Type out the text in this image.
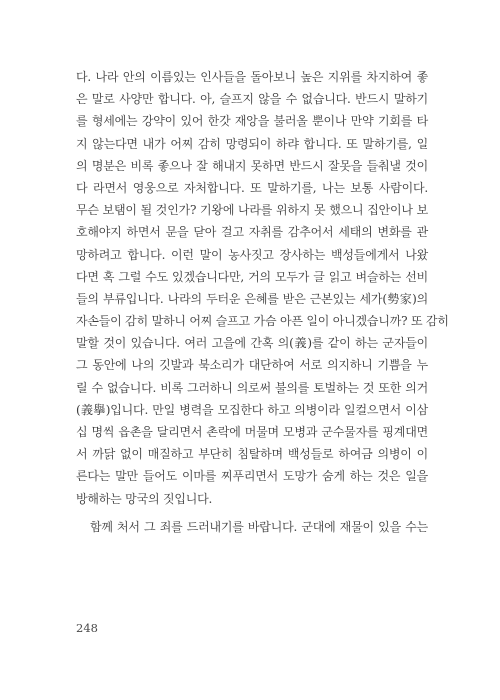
다. 나라 안의 이름있는 인사들을 돌아보니 높은 지위를 차지하여 좋
은 말로 사양만 합니다. 아, 슬프지 않을 수 없습니다. 반드시 말하기
를 형세에는 강약이 있어 한갓 재앙을 불러올 뿐이나 만약 기회를 타
지 않는다면 내가 어찌 감히 망령되이 하랴 합니다. 또 말하기를, 일
의 명분은 비록 좋으나 잘 해내지 못하면 반드시 잘못을 들춰낼 것이
다 라면서 영웅으로 자처합니다. 또 말하기를, 나는 보통 사람이다.
무슨 보탬이 될 것인가? 기왕에 나라를 위하지 못 했으니 집안이나 보
호해야지 하면서 문을 닫아 걸고 자취를 감추어서 세태의 변화를 관
망하려고 합니다. 이런 말이 농사짓고 장사하는 백성들에게서 나왔
다면 혹 그럴 수도 있겠습니다만, 거의 모두가 글 읽고 벼슬하는 선비
들의 부류입니다. 나라의 두터운 은혜를 받은 근본있는 세가(勢家)의
자손들이 감히 말하니 어찌 슬프고 가슴 아픈 일이 아니겠습니까? 또 감히
말할 것이 있습니다. 여러 고을에 간혹 의(義)를 같이 하는 군자들이
그 동안에 나의 깃발과 북소리가 대단하여 서로 의지하니 기쁨을 누
릴 수 없습니다. 비록 그러하니 의로써 불의를 토벌하는 것 또한 의거
(義擧)입니다. 만일 병력을 모집한다 하고 의병이라 일컬으면서 이삼
십 명씩 읍촌을 달리면서 촌락에 머물며 모병과 군수물자를 핑계대면
서 까닭 없이 매질하고 부단히 침탈하며 백성들로 하여금 의병이 이
른다는 말만 들어도 이마를 찌푸리면서 도망가 숨게 하는 것은 일을
방해하는 망국의 짓입니다.
함께 처서 그 죄를 드러내기를 바랍니다. 군대에 재물이 있을 수는
248
